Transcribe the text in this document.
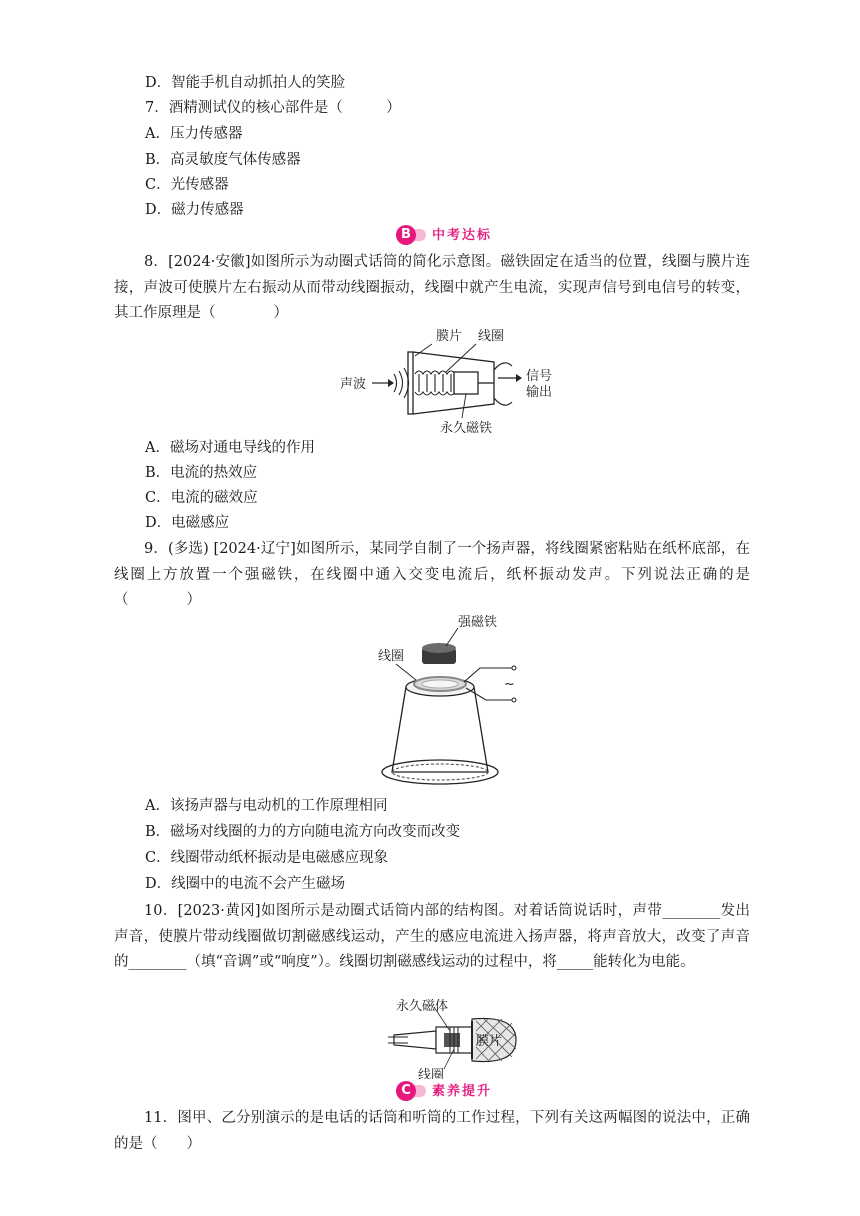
D．智能手机自动抓拍人的笑脸
7．酒精测试仪的核心部件是（　　　）
A．压力传感器
B．高灵敏度气体传感器
C．光传感器
D．磁力传感器
B	中考达标
8．[2024·安徽]如图所示为动圈式话筒的简化示意图。磁铁固定在适当的位置，线圈与膜片连接，声波可使膜片左右振动从而带动线圈振动，线圈中就产生电流，实现声信号到电信号的转变，其工作原理是（　　　　）
膜片 线圈
声波
信号
输出
永久磁铁
A．磁场对通电导线的作用
B．电流的热效应
C．电流的磁效应
D．电磁感应
9．(多选) [2024·辽宁]如图所示，某同学自制了一个扬声器，将线圈紧密粘贴在纸杯底部，在线圈上方放置一个强磁铁，在线圈中通入交变电流后，纸杯振动发声。下列说法正确的是（　　　　）
强磁铁
线圈
~
A．该扬声器与电动机的工作原理相同
B．磁场对线圈的力的方向随电流方向改变而改变
C．线圈带动纸杯振动是电磁感应现象
D．线圈中的电流不会产生磁场
10．[2023·黄冈]如图所示是动圈式话筒内部的结构图。对着话筒说话时，声带________发出声音，使膜片带动线圈做切割磁感线运动，产生的感应电流进入扬声器，将声音放大，改变了声音的________（填“音调”或“响度”）。线圈切割磁感线运动的过程中，将_____能转化为电能。
永久磁体
膜片
线圈
C	素养提升
11．图甲、乙分别演示的是电话的话筒和听筒的工作过程，下列有关这两幅图的说法中，正确的是（　　）
